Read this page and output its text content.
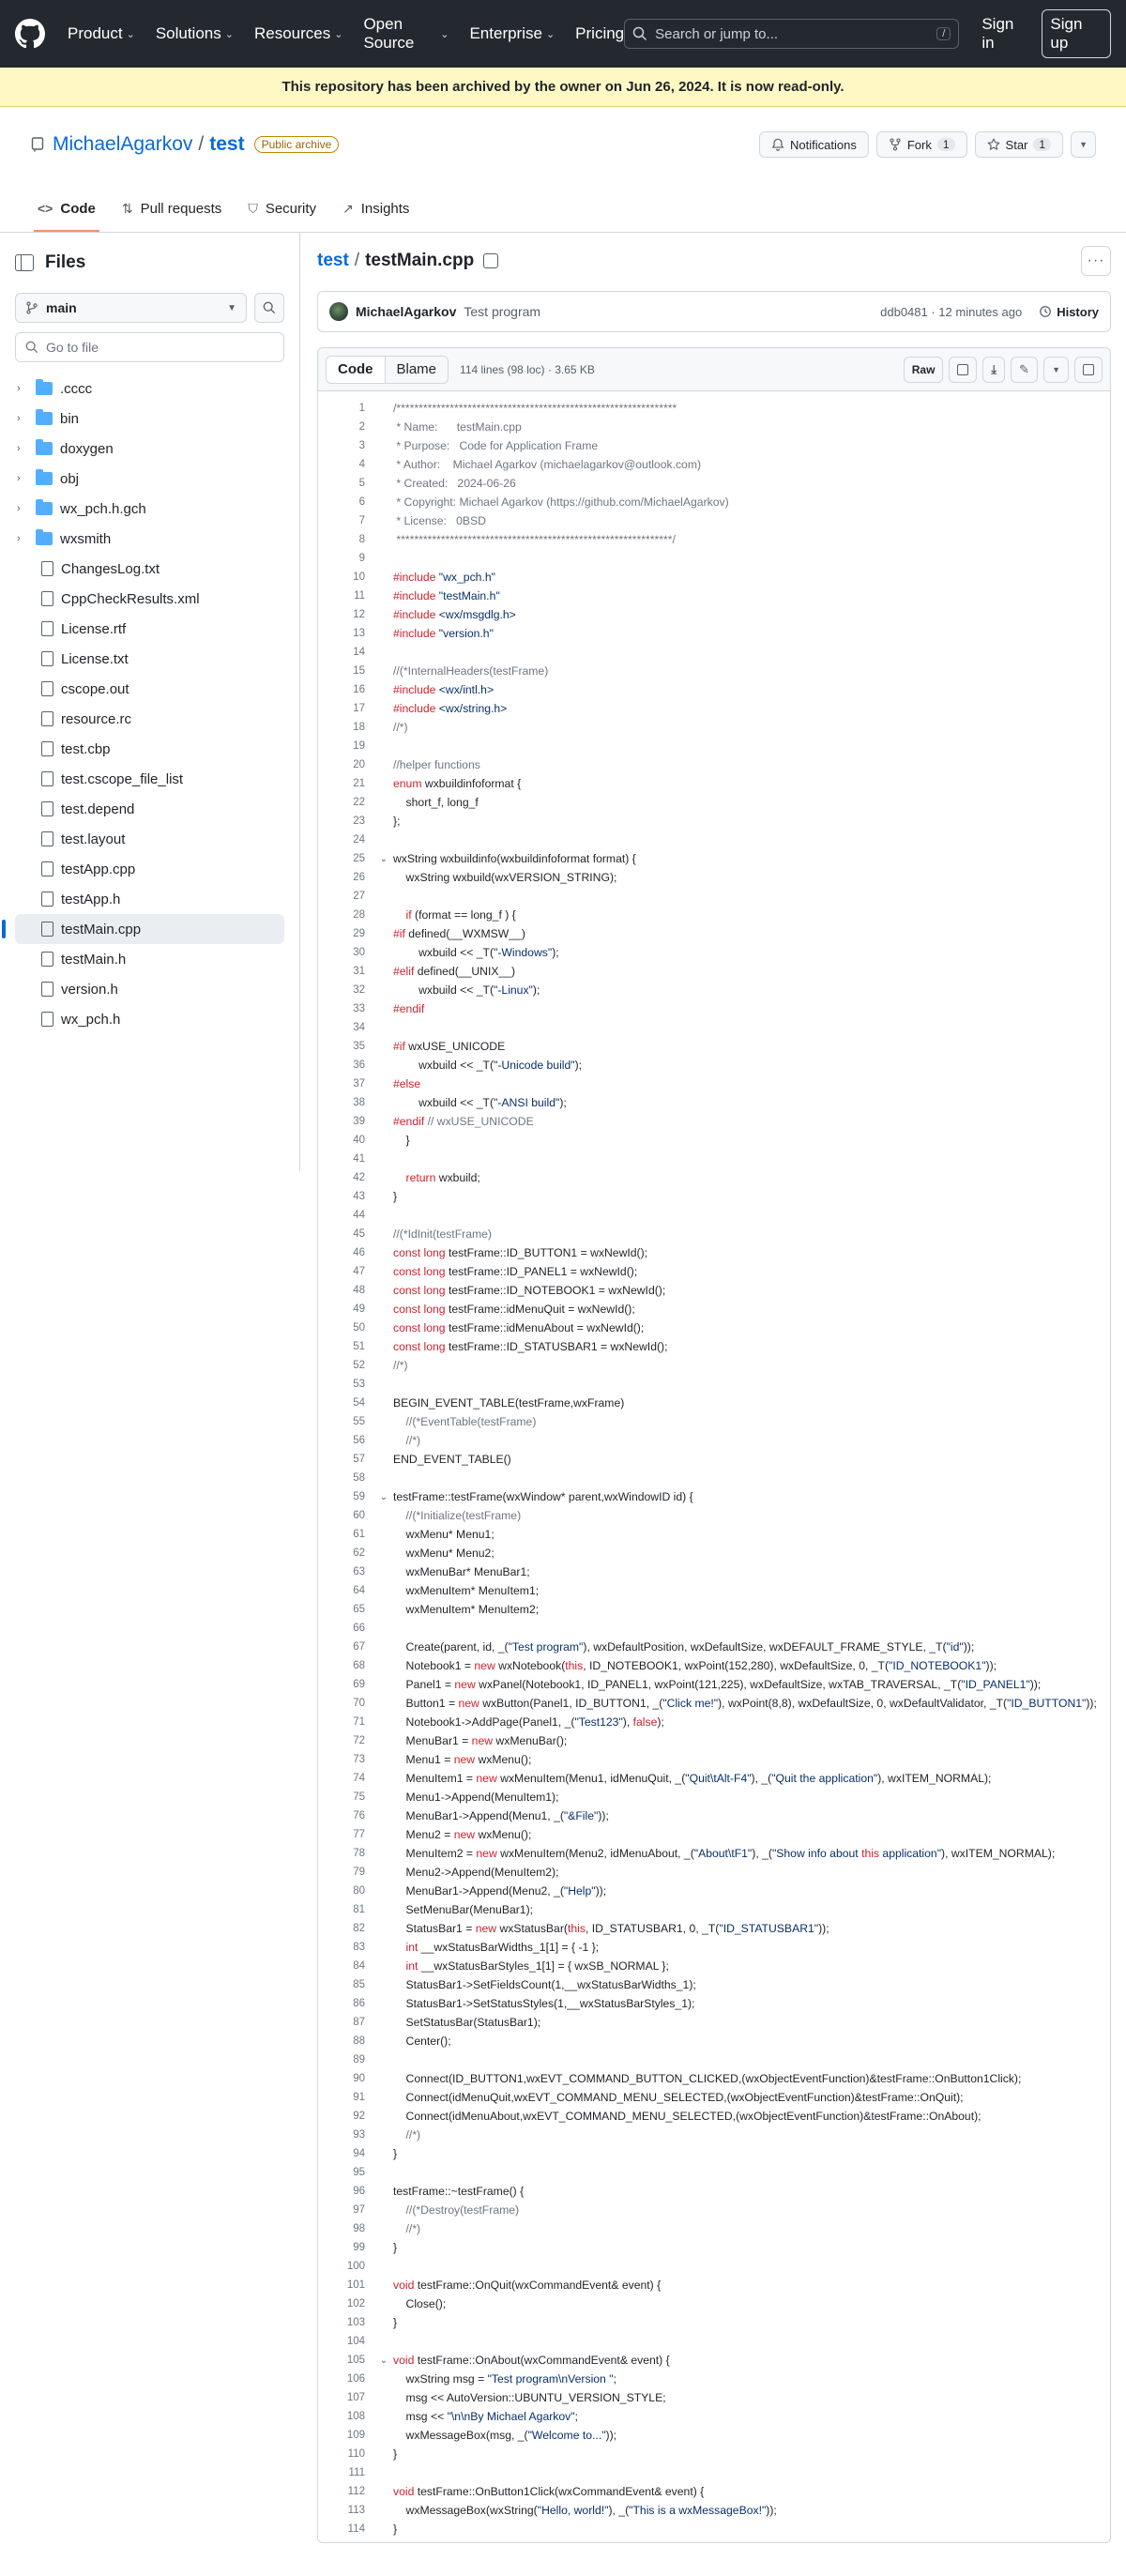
Product ⌄ Solutions ⌄ Resources ⌄
Open Source	⌄ Enterprise ⌄ Pricing Search or jump to...	/
Sign in
Sign up
This repository has been archived by the owner on Jun 26, 2024. It is now read-only.
MichaelAgarkov / test	Public archive	Notifications	Fork	1	Star	1	▼
<> Code ⇅ Pull requests ⛉ Security ↗ Insights
Files
main	▼
Go to file
›	.cccc
›	bin
›	doxygen
›	obj
›	wx_pch.h.gch
›	wxsmith
ChangesLog.txt
CppCheckResults.xml
License.rtf
License.txt
cscope.out
resource.rc
test.cbp
test.cscope_file_list
test.depend
test.layout
testApp.cpp
testApp.h
testMain.cpp
testMain.h
version.h
wx_pch.h
test / testMain.cpp	···
MichaelAgarkov Test program	ddb0481 · 12 minutes ago	History
Code	Blame	114 lines (98 loc) · 3.65 KB	Raw	⤓ ✎	▼
1	/***************************************************************
2	* Name:      testMain.cpp
3	* Purpose:   Code for Application Frame
4	* Author:    Michael Agarkov (michaelagarkov@outlook.com)
5	* Created:   2024-06-26
6	* Copyright: Michael Agarkov (https://github.com/MichaelAgarkov)
7	* License:   0BSD
8	**************************************************************/
9
10	#include "wx_pch.h"
11	#include "testMain.h"
12	#include <wx/msgdlg.h>
13	#include "version.h"
14
15	//(*InternalHeaders(testFrame)
16	#include <wx/intl.h>
17	#include <wx/string.h>
18	//*)
19
20	//helper functions
21	enum wxbuildinfoformat {
22	short_f, long_f
23	};
24
25	⌄ wxString wxbuildinfo(wxbuildinfoformat format) {
26	wxString wxbuild(wxVERSION_STRING);
27
28	if (format == long_f ) {
29	#if defined(__WXMSW__)
30	wxbuild << _T("-Windows");
31	#elif defined(__UNIX__)
32	wxbuild << _T("-Linux");
33	#endif
34
35	#if wxUSE_UNICODE
36	wxbuild << _T("-Unicode build");
37	#else
38	wxbuild << _T("-ANSI build");
39	#endif // wxUSE_UNICODE
40	}
41
42	return wxbuild;
43	}
44
45	//(*IdInit(testFrame)
46	const long testFrame::ID_BUTTON1 = wxNewId();
47	const long testFrame::ID_PANEL1 = wxNewId();
48	const long testFrame::ID_NOTEBOOK1 = wxNewId();
49	const long testFrame::idMenuQuit = wxNewId();
50	const long testFrame::idMenuAbout = wxNewId();
51	const long testFrame::ID_STATUSBAR1 = wxNewId();
52	//*)
53
54	BEGIN_EVENT_TABLE(testFrame,wxFrame)
55	//(*EventTable(testFrame)
56	//*)
57	END_EVENT_TABLE()
58
59	⌄ testFrame::testFrame(wxWindow* parent,wxWindowID id) {
60	//(*Initialize(testFrame)
61	wxMenu* Menu1;
62	wxMenu* Menu2;
63	wxMenuBar* MenuBar1;
64	wxMenuItem* MenuItem1;
65	wxMenuItem* MenuItem2;
66
67	Create(parent, id, _("Test program"), wxDefaultPosition, wxDefaultSize, wxDEFAULT_FRAME_STYLE, _T("id"));
68	Notebook1 = new wxNotebook(this, ID_NOTEBOOK1, wxPoint(152,280), wxDefaultSize, 0, _T("ID_NOTEBOOK1"));
69	Panel1 = new wxPanel(Notebook1, ID_PANEL1, wxPoint(121,225), wxDefaultSize, wxTAB_TRAVERSAL, _T("ID_PANEL1"));
70	Button1 = new wxButton(Panel1, ID_BUTTON1, _("Click me!"), wxPoint(8,8), wxDefaultSize, 0, wxDefaultValidator, _T("ID_BUTTON1"));
71	Notebook1->AddPage(Panel1, _("Test123"), false);
72	MenuBar1 = new wxMenuBar();
73	Menu1 = new wxMenu();
74	MenuItem1 = new wxMenuItem(Menu1, idMenuQuit, _("Quit\tAlt-F4"), _("Quit the application"), wxITEM_NORMAL);
75	Menu1->Append(MenuItem1);
76	MenuBar1->Append(Menu1, _("&File"));
77	Menu2 = new wxMenu();
78	MenuItem2 = new wxMenuItem(Menu2, idMenuAbout, _("About\tF1"), _("Show info about this application"), wxITEM_NORMAL);
79	Menu2->Append(MenuItem2);
80	MenuBar1->Append(Menu2, _("Help"));
81	SetMenuBar(MenuBar1);
82	StatusBar1 = new wxStatusBar(this, ID_STATUSBAR1, 0, _T("ID_STATUSBAR1"));
83	int __wxStatusBarWidths_1[1] = { -1 };
84	int __wxStatusBarStyles_1[1] = { wxSB_NORMAL };
85	StatusBar1->SetFieldsCount(1,__wxStatusBarWidths_1);
86	StatusBar1->SetStatusStyles(1,__wxStatusBarStyles_1);
87	SetStatusBar(StatusBar1);
88	Center();
89
90	Connect(ID_BUTTON1,wxEVT_COMMAND_BUTTON_CLICKED,(wxObjectEventFunction)&testFrame::OnButton1Click);
91	Connect(idMenuQuit,wxEVT_COMMAND_MENU_SELECTED,(wxObjectEventFunction)&testFrame::OnQuit);
92	Connect(idMenuAbout,wxEVT_COMMAND_MENU_SELECTED,(wxObjectEventFunction)&testFrame::OnAbout);
93	//*)
94	}
95
96	testFrame::~testFrame() {
97	//(*Destroy(testFrame)
98	//*)
99	}
100
101	void testFrame::OnQuit(wxCommandEvent& event) {
102	Close();
103	}
104
105	⌄ void testFrame::OnAbout(wxCommandEvent& event) {
106	wxString msg = "Test program\nVersion ";
107	msg << AutoVersion::UBUNTU_VERSION_STYLE;
108	msg << "\n\nBy Michael Agarkov";
109	wxMessageBox(msg, _("Welcome to..."));
110	}
111
112	void testFrame::OnButton1Click(wxCommandEvent& event) {
113	wxMessageBox(wxString("Hello, world!"), _("This is a wxMessageBox!"));
114	}
